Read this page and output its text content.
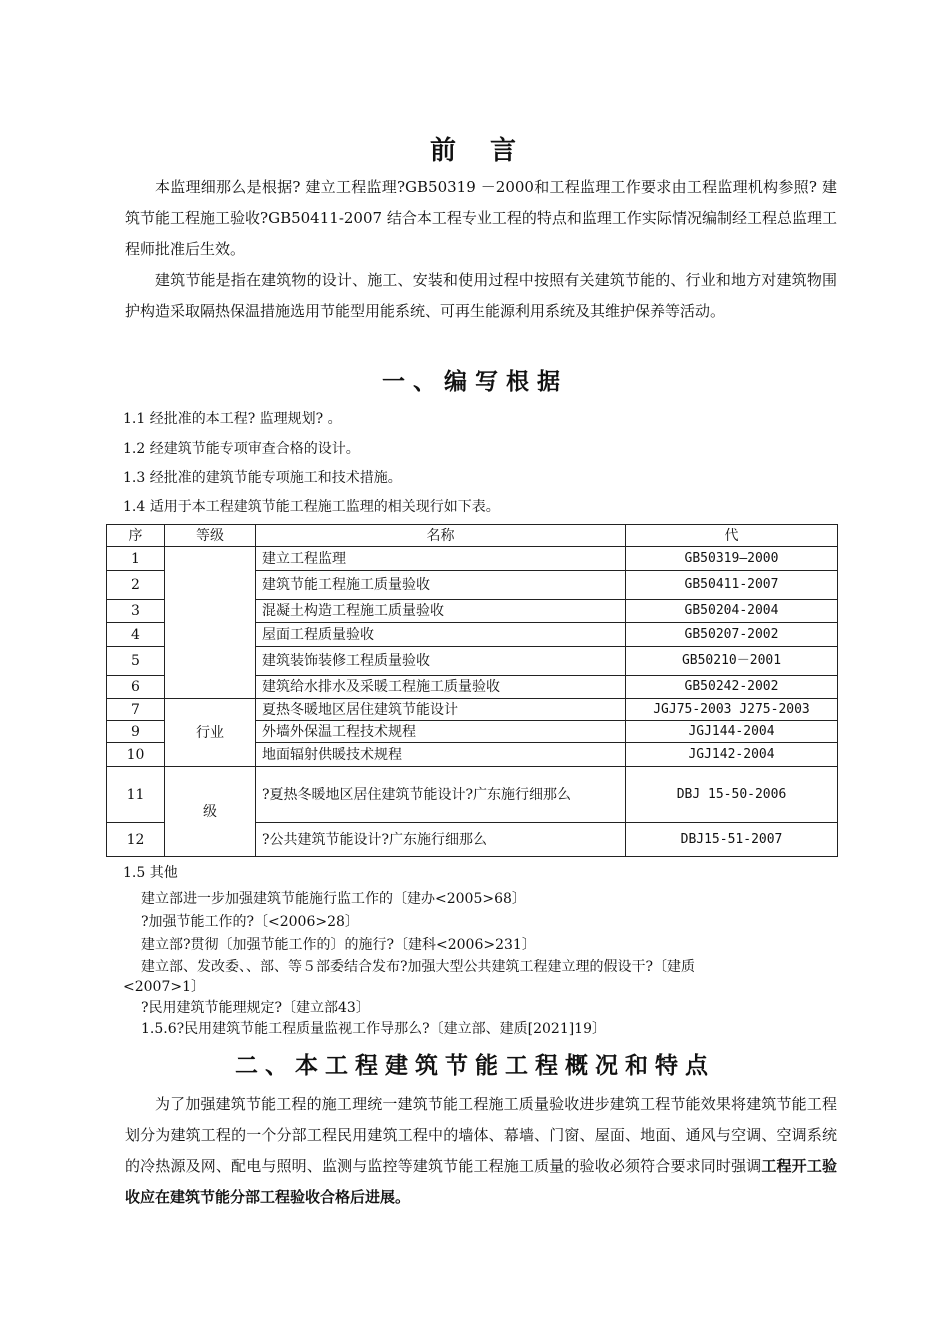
前　言

本监理细那么是根据? 建立工程监理?GB50319 －2000和工程监理工作要求由工程监理机构参照? 建筑节能工程施工验收?GB50411-2007 结合本工程专业工程的特点和监理工作实际情况编制经工程总监理工程师批准后生效。

建筑节能是指在建筑物的设计、施工、安装和使用过程中按照有关建筑节能的、行业和地方对建筑物围护构造采取隔热保温措施选用节能型用能系统、可再生能源利用系统及其维护保养等活动。

一、编写根据

1.1 经批准的本工程? 监理规划? 。

1.2 经建筑节能专项审查合格的设计。

1.3 经批准的建筑节能专项施工和技术措施。

1.4 适用于本工程建筑节能工程施工监理的相关现行如下表。

序	等级	名称	代
1		建立工程监理	GB50319—2000
2		建筑节能工程施工质量验收	GB50411-2007
3		混凝土构造工程施工质量验收	GB50204-2004
4		屋面工程质量验收	GB50207-2002
5		建筑装饰装修工程质量验收	GB50210－2001
6		建筑给水排水及采暖工程施工质量验收	GB50242-2002
7	行业	夏热冬暖地区居住建筑节能设计	JGJ75-2003 J275-2003
9		外墙外保温工程技术规程	JGJ144-2004
10		地面辐射供暖技术规程	JGJ142-2004
11	级	?夏热冬暖地区居住建筑节能设计?广东施行细那么	DBJ 15-50-2006
12		?公共建筑节能设计?广东施行细那么	DBJ15-51-2007

1.5 其他

建立部进一步加强建筑节能施行监工作的〔建办<2005>68〕

?加强节能工作的?〔<2006>28〕

建立部?贯彻〔加强节能工作的〕的施行?〔建科<2006>231〕

建立部、发改委、、部、等５部委结合发布?加强大型公共建筑工程建立理的假设干?〔建质

<2007>1〕

?民用建筑节能理规定?〔建立部43〕

1.5.6?民用建筑节能工程质量监视工作导那么?〔建立部、建质[2021]19〕

二、本工程建筑节能工程概况和特点

为了加强建筑节能工程的施工理统一建筑节能工程施工质量验收进步建筑工程节能效果将建筑节能工程划分为建筑工程的一个分部工程民用建筑工程中的墙体、幕墙、门窗、屋面、地面、通风与空调、空调系统的冷热源及网、配电与照明、监测与监控等建筑节能工程施工质量的验收必须符合要求同时强调工程开工验收应在建筑节能分部工程验收合格后进展。
